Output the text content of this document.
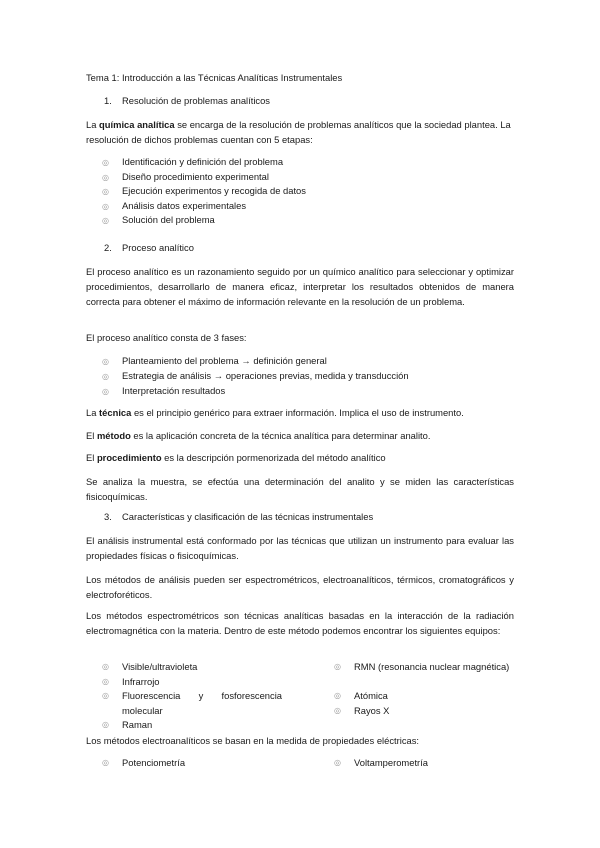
Tema 1: Introducción a las Técnicas Analíticas Instrumentales

1. Resolución de problemas analíticos

La química analítica se encarga de la resolución de problemas analíticos que la sociedad plantea. La resolución de dichos problemas cuentan con 5 etapas:

◎ Identificación y definición del problema
◎ Diseño procedimiento experimental
◎ Ejecución experimentos y recogida de datos
◎ Análisis datos experimentales
◎ Solución del problema
2. Proceso analítico

El proceso analítico es un razonamiento seguido por un químico analítico para seleccionar y optimizar procedimientos, desarrollarlo de manera eficaz, interpretar los resultados obtenidos de manera correcta para obtener el máximo de información relevante en la resolución de un problema.

El proceso analítico consta de 3 fases:

◎ Planteamiento del problema → definición general
◎ Estrategia de análisis → operaciones previas, medida y transducción
◎ Interpretación resultados

La técnica es el principio genérico para extraer información. Implica el uso de instrumento.

El método es la aplicación concreta de la técnica analítica para determinar analito.

El procedimiento es la descripción pormenorizada del método analítico

Se analiza la muestra, se efectúa una determinación del analito y se miden las características fisicoquímicas.

3. Características y clasificación de las técnicas instrumentales

El análisis instrumental está conformado por las técnicas que utilizan un instrumento para evaluar las propiedades físicas o fisicoquímicas.

Los métodos de análisis pueden ser espectrométricos, electroanalíticos, térmicos, cromatográficos y electroforéticos.

Los métodos espectrométricos son técnicas analíticas basadas en la interacción de la radiación electromagnética con la materia. Dentro de este método podemos encontrar los siguientes equipos:

◎ Visible/ultravioleta
◎ Infrarrojo
◎ Fluorescencia y fosforescencia molecular
◎ Raman
◎ RMN (resonancia nuclear magnética)
◎ Atómica
◎ Rayos X

Los métodos electroanalíticos se basan en la medida de propiedades eléctricas:

◎ Potenciometría	◎ Voltamperometría
